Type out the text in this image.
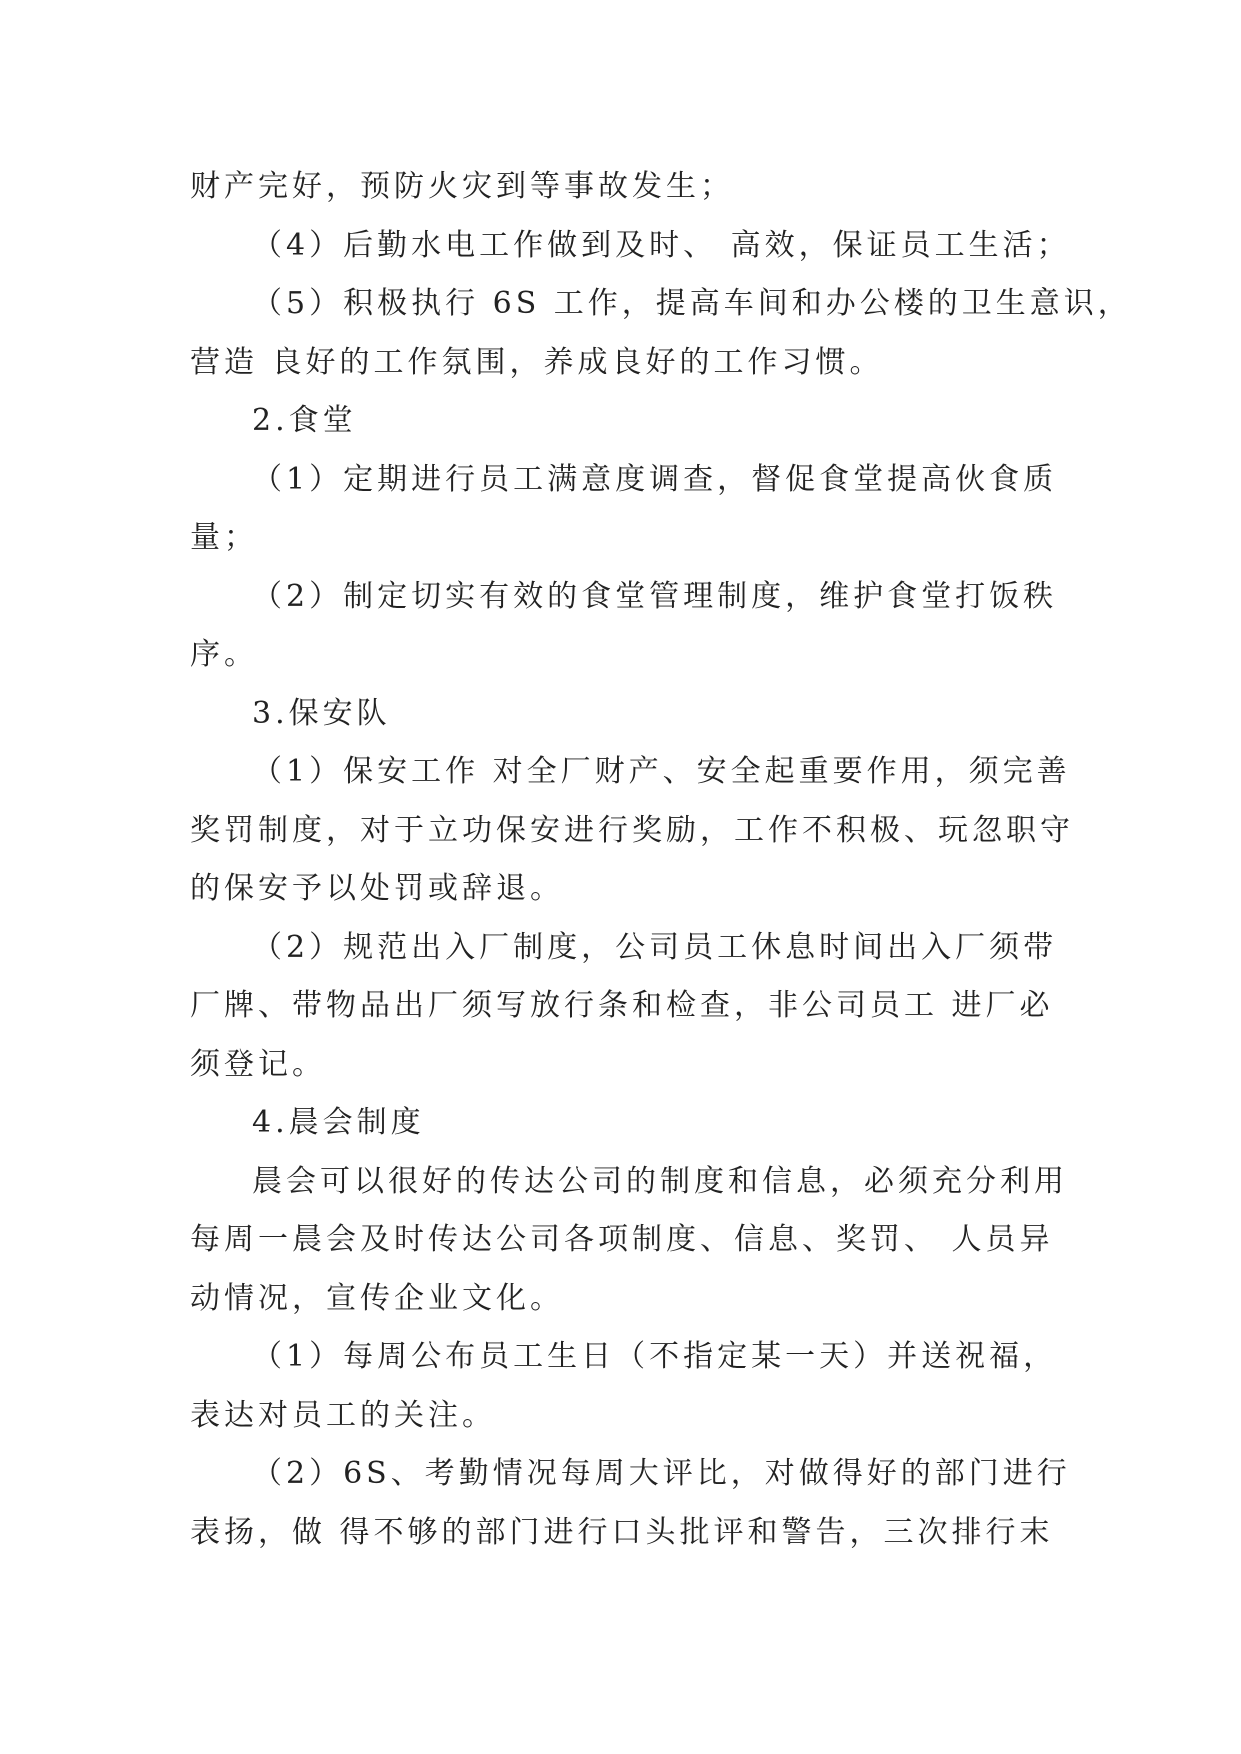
财产完好，预防火灾到等事故发生；
（4）后勤水电工作做到及时、 高效，保证员工生活；
（5）积极执行 6S 工作，提高车间和办公楼的卫生意识，
营造 良好的工作氛围，养成良好的工作习惯。
2.食堂
（1）定期进行员工满意度调查，督促食堂提高伙食质
量；
（2）制定切实有效的食堂管理制度，维护食堂打饭秩
序。
3.保安队
（1）保安工作 对全厂财产、安全起重要作用，须完善
奖罚制度，对于立功保安进行奖励，工作不积极、玩忽职守
的保安予以处罚或辞退。
（2）规范出入厂制度，公司员工休息时间出入厂须带
厂牌、带物品出厂须写放行条和检查，非公司员工 进厂必
须登记。
4.晨会制度
晨会可以很好的传达公司的制度和信息，必须充分利用
每周一晨会及时传达公司各项制度、信息、奖罚、 人员异
动情况，宣传企业文化。
（1）每周公布员工生日（不指定某一天）并送祝福，
表达对员工的关注。
（2）6S、考勤情况每周大评比，对做得好的部门进行
表扬，做 得不够的部门进行口头批评和警告，三次排行末
